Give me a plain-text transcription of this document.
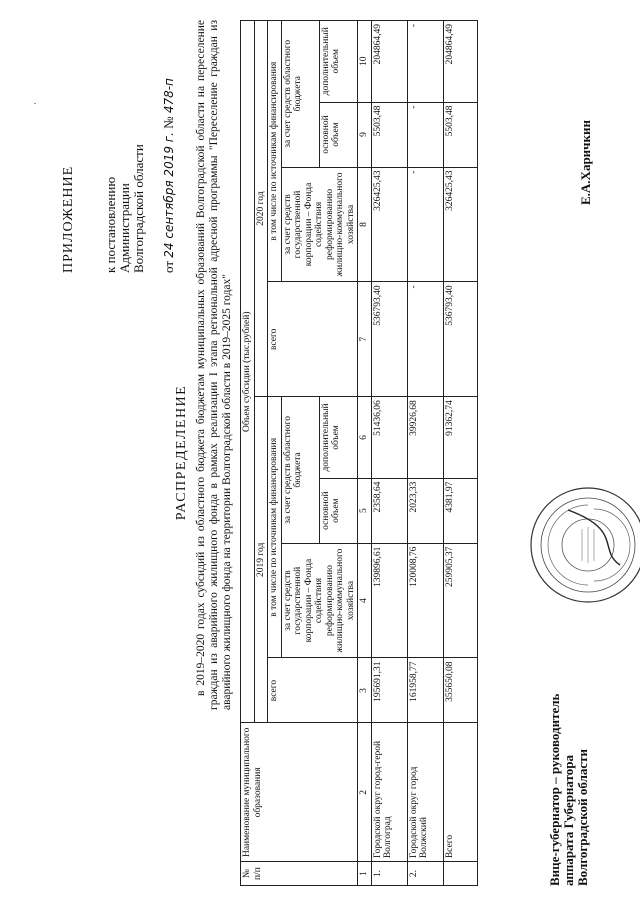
·
ПРИЛОЖЕНИЕ к постановлению Администрации Волгоградской области от 24 сентября 2019 г. № 478-п
РАСПРЕДЕЛЕНИЕ в 2019–2020 годах субсидий из областного бюджета бюджетам муниципальных образований Волгоградской области на переселение граждан из аварийного жилищного фонда в рамках реализации I этапа региональной адресной программы "Переселение граждан из аварийного жилищного фонда на территории Волгоградской области в 2019–2025 годах"
№ п/п	Наименование муниципального образования	Объем субсидии (тыс.рублей)							
		2019 год				2020 год			
		всего	в том числе по источникам финансирования			всего	в том числе по источникам финансирования		
			за счет средств государственной корпорации – Фонда содействия реформированию жилищно-коммунального хозяйства	за счет средств областного бюджета			за счет средств государственной корпорации – Фонда содействия реформированию жилищно-коммунального хозяйства	за счет средств областного бюджета	
				основной объем	дополнительный объем			основной объем	дополнительный объем
1	2	3	4	5	6	7	8	9	10
1.	Городской округ город-герой Волгоград	195691,31	139896,61	2358,64	51436,06	536793,40	326425,43	5503,48	204864,49
2.	Городской округ город Волжский	161958,77	120008,76	2023,33	39926,68	-	-	-	-
	Всего	355650,08	259905,37	4381,97	91362,74	536793,40	326425,43	5503,48	204864,49
Вице-губернатор – руководитель аппарата Губернатора Волгоградской области
Е.А.Харичкин
